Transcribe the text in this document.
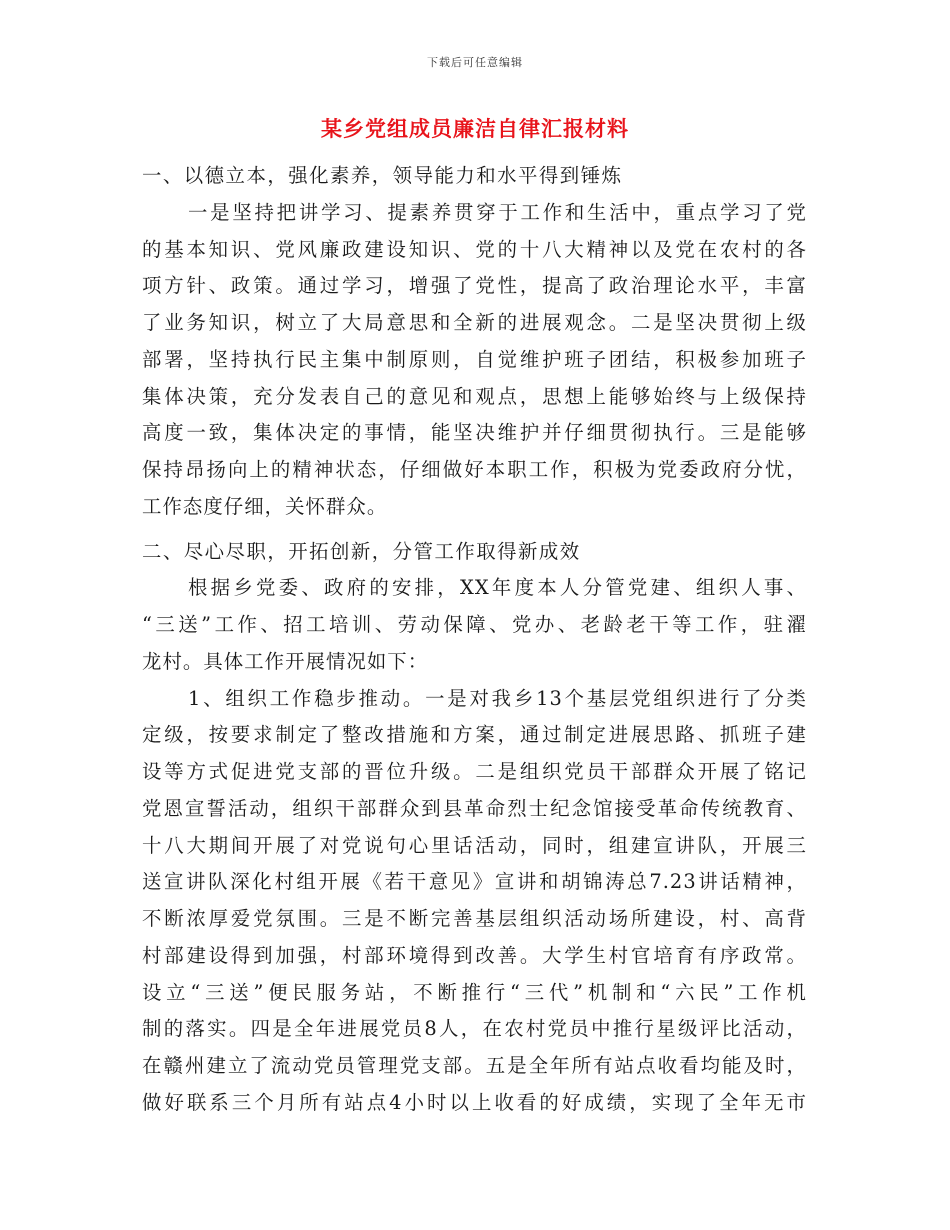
下载后可任意编辑
某乡党组成员廉洁自律汇报材料

一、以德立本，强化素养，领导能力和水平得到锤炼

一是坚持把讲学习、提素养贯穿于工作和生活中，重点学习了党
的基本知识、党风廉政建设知识、党的十八大精神以及党在农村的各
项方针、政策。通过学习，增强了党性，提高了政治理论水平，丰富
了业务知识，树立了大局意思和全新的进展观念。二是坚决贯彻上级
部署，坚持执行民主集中制原则，自觉维护班子团结，积极参加班子
集体决策，充分发表自己的意见和观点，思想上能够始终与上级保持
高度一致，集体决定的事情，能坚决维护并仔细贯彻执行。三是能够
保持昂扬向上的精神状态，仔细做好本职工作，积极为党委政府分忧，
工作态度仔细，关怀群众。

二、尽心尽职，开拓创新，分管工作取得新成效

根据乡党委、政府的安排，XX年度本人分管党建、组织人事、
“三送”工作、招工培训、劳动保障、党办、老龄老干等工作，驻濯
龙村。具体工作开展情况如下：

1、组织工作稳步推动。一是对我乡13个基层党组织进行了分类
定级，按要求制定了整改措施和方案，通过制定进展思路、抓班子建
设等方式促进党支部的晋位升级。二是组织党员干部群众开展了铭记
党恩宣誓活动，组织干部群众到县革命烈士纪念馆接受革命传统教育、
十八大期间开展了对党说句心里话活动，同时，组建宣讲队，开展三
送宣讲队深化村组开展《若干意见》宣讲和胡锦涛总7.23讲话精神，
不断浓厚爱党氛围。三是不断完善基层组织活动场所建设，村、高背
村部建设得到加强，村部环境得到改善。大学生村官培育有序政常。
设立“三送”便民服务站，不断推行“三代”机制和“六民”工作机
制的落实。四是全年进展党员8人，在农村党员中推行星级评比活动，
在赣州建立了流动党员管理党支部。五是全年所有站点收看均能及时，
做好联系三个月所有站点4小时以上收看的好成绩，实现了全年无市
